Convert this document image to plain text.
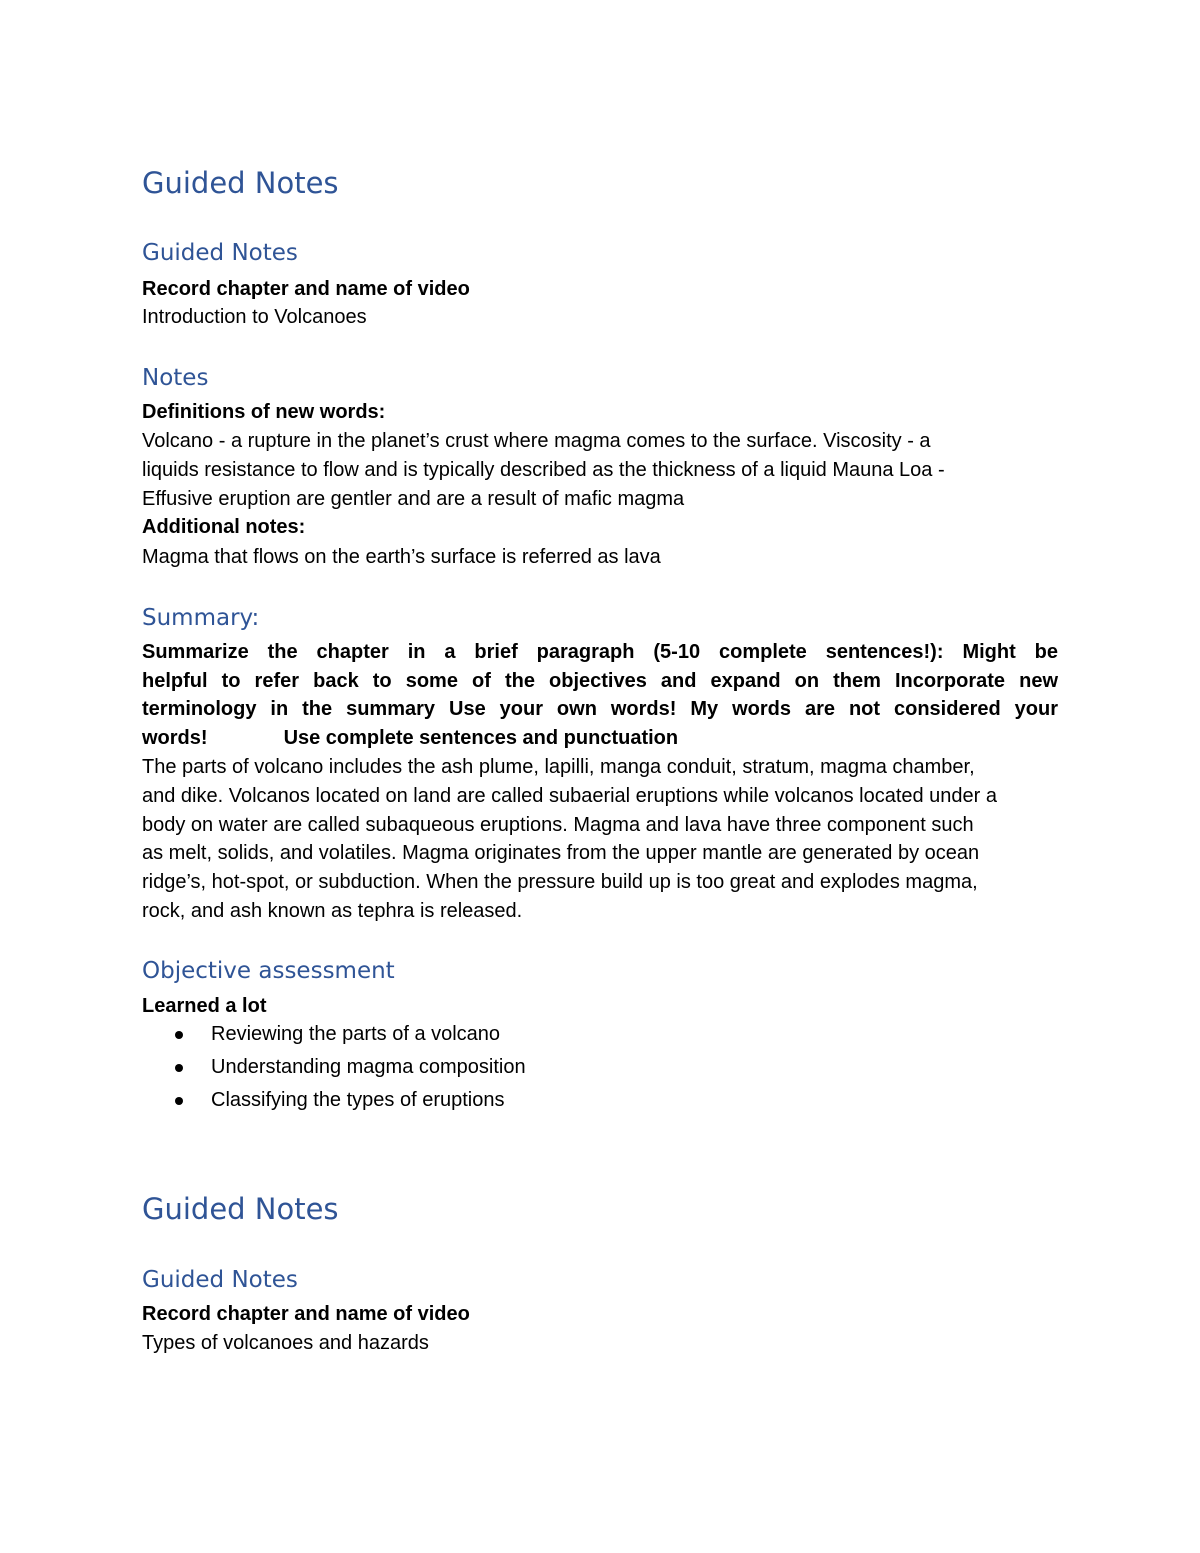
Guided Notes
Guided Notes
Record chapter and name of video
Introduction to Volcanoes
Notes
Definitions of new words:
Volcano - a rupture in the planet’s crust where magma comes to the surface. Viscosity - a
liquids resistance to flow and is typically described as the thickness of a liquid Mauna Loa -
Effusive eruption are gentler and are a result of mafic magma
Additional notes:
Magma that flows on the earth’s surface is referred as lava
Summary:
Summarize the chapter in a brief paragraph (5-10 complete sentences!): Might be
helpful to refer back to some of the objectives and expand on them Incorporate new
terminology in the summary Use your own words! My words are not considered your
words!	Use complete sentences and punctuation
The parts of volcano includes the ash plume, lapilli, manga conduit, stratum, magma chamber,
and dike. Volcanos located on land are called subaerial eruptions while volcanos located under a
body on water are called subaqueous eruptions. Magma and lava have three component such
as melt, solids, and volatiles. Magma originates from the upper mantle are generated by ocean
ridge’s, hot-spot, or subduction. When the pressure build up is too great and explodes magma,
rock, and ash known as tephra is released.
Objective assessment
Learned a lot
Reviewing the parts of a volcano
Understanding magma composition
Classifying the types of eruptions
Guided Notes
Guided Notes
Record chapter and name of video
Types of volcanoes and hazards
